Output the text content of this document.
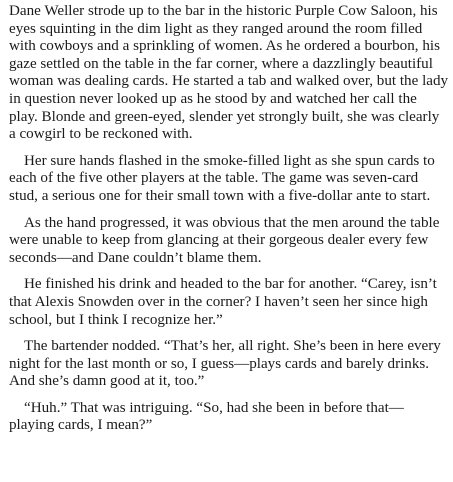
Dane Weller strode up to the bar in the historic Purple Cow Saloon, his eyes squinting in the dim light as they ranged around the room filled with cowboys and a sprinkling of women. As he ordered a bourbon, his gaze settled on the table in the far corner, where a dazzlingly beautiful woman was dealing cards. He started a tab and walked over, but the lady in question never looked up as he stood by and watched her call the play. Blonde and green-eyed, slender yet strongly built, she was clearly a cowgirl to be reckoned with.

Her sure hands flashed in the smoke-filled light as she spun cards to each of the five other players at the table. The game was seven-card stud, a serious one for their small town with a five-dollar ante to start.

As the hand progressed, it was obvious that the men around the table were unable to keep from glancing at their gorgeous dealer every few seconds—and Dane couldn’t blame them.

He finished his drink and headed to the bar for another. “Carey, isn’t that Alexis Snowden over in the corner? I haven’t seen her since high school, but I think I recognize her.”

The bartender nodded. “That’s her, all right. She’s been in here every night for the last month or so, I guess—plays cards and barely drinks. And she’s damn good at it, too.”

“Huh.” That was intriguing. “So, had she been in before that—playing cards, I mean?”
